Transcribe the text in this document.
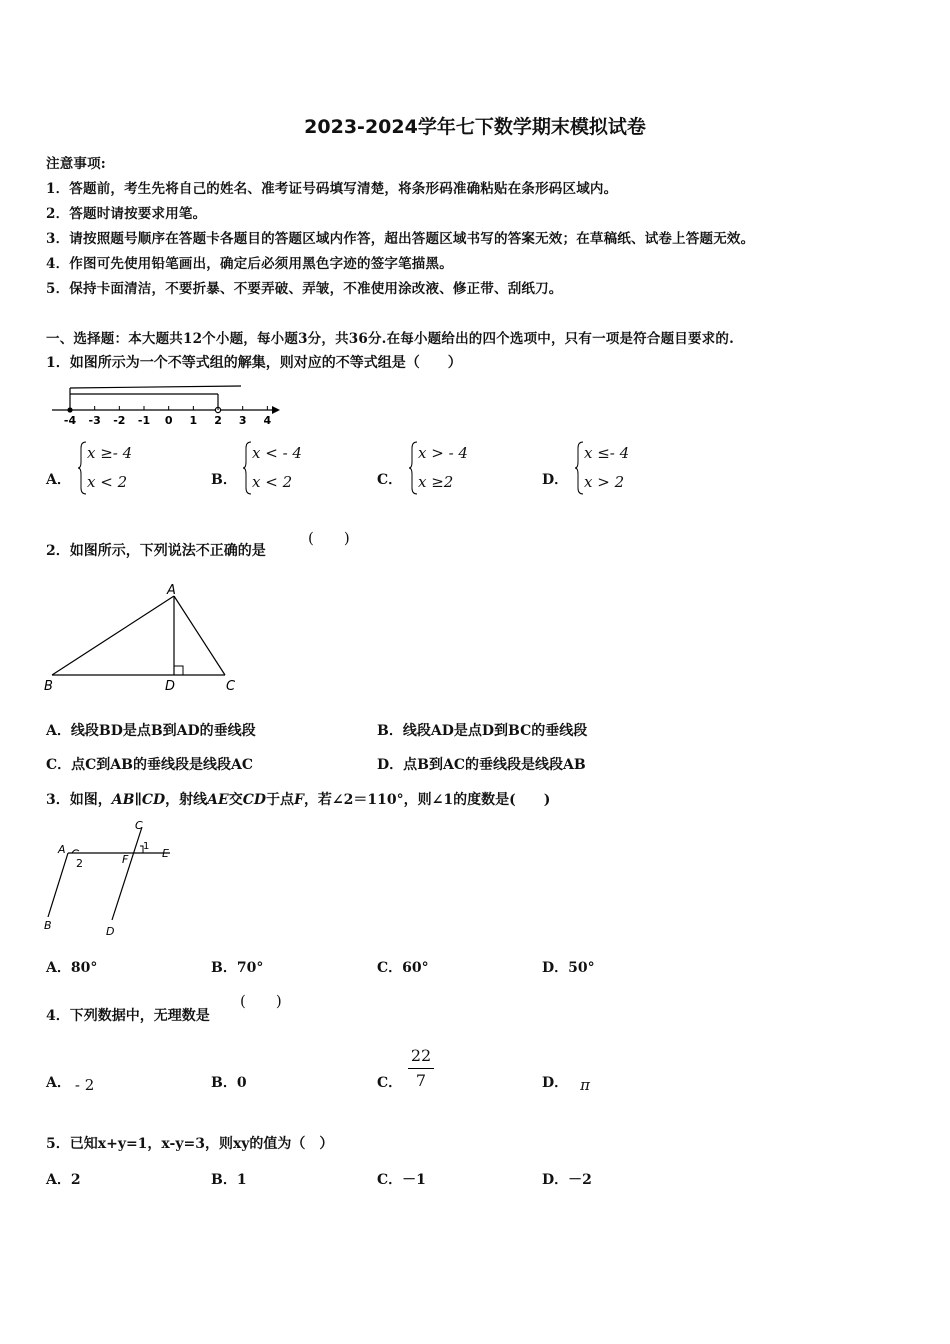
2023-2024学年七下数学期末模拟试卷
注意事项:
1．答题前，考生先将自己的姓名、准考证号码填写清楚，将条形码准确粘贴在条形码区域内。
2．答题时请按要求用笔。
3．请按照题号顺序在答题卡各题目的答题区域内作答，超出答题区域书写的答案无效；在草稿纸、试卷上答题无效。
4．作图可先使用铅笔画出，确定后必须用黑色字迹的签字笔描黑。
5．保持卡面清洁，不要折暴、不要弄破、弄皱，不准使用涂改液、修正带、刮纸刀。
一、选择题：本大题共12个小题，每小题3分，共36分.在每小题给出的四个选项中，只有一项是符合题目要求的.
1．如图所示为一个不等式组的解集，则对应的不等式组是（　　）
-4 -3 -2 -1 0 1 2 3 4
A．
x ≥- 4
x < 2	B．
x < - 4
x < 2	C．
x > - 4
x ≥2	D．
x ≤- 4
x > 2
2．如图所示，下列说法不正确的是
(　　)
A
B	D	C
A．线段BD是点B到AD的垂线段	B．线段AD是点D到BC的垂线段
C．点C到AB的垂线段是线段AC	D．点B到AC的垂线段是线段AB
3．如图，AB∥CD，射线AE交CD于点F，若∠2＝110°，则∠1的度数是(　　)
A
2
C
1
F	E
B	D
A．80°	B．70°	C．60°	D．50°
4．下列数据中，无理数是
(　　)
A． - 2	B．0	C．
22
7	D． π
5．已知x+y=1，x-y=3，则xy的值为（　）
A．2	B．1	C．－1	D．－2
